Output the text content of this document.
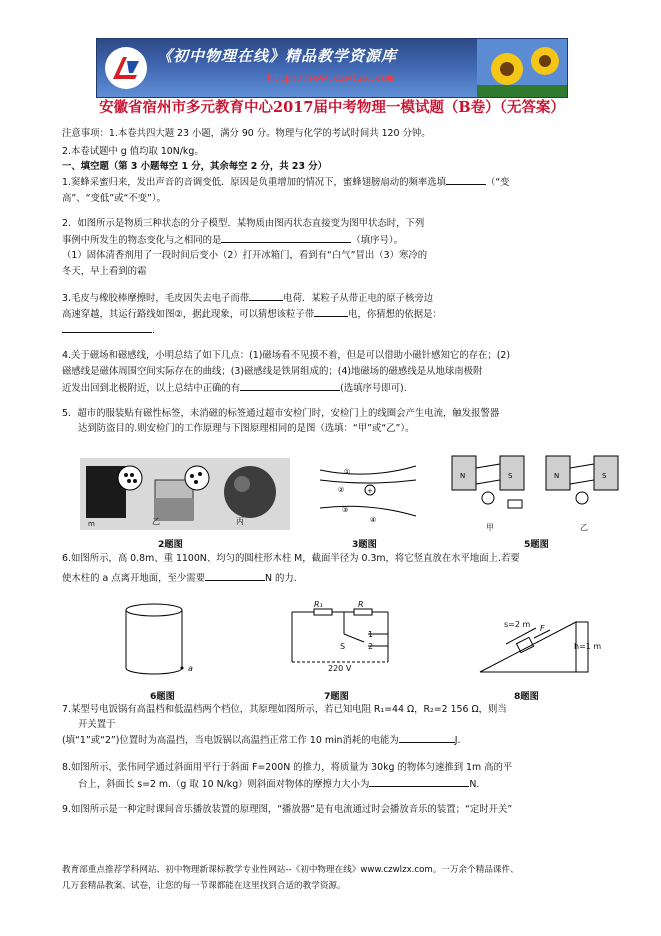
《初中物理在线》精品教学资源库
http://www.czwlzx.com
安徽省宿州市多元教育中心2017届中考物理一模试题（B卷）（无答案）
注意事项：1.本卷共四大题 23 小题，满分 90 分。物理与化学的考试时间共 120 分钟。
2.本卷试题中 g 值均取 10N/kg。
一、填空题（第 3 小题每空 1 分，其余每空 2 分，共 23 分）
1.窦蜂采蜜归来，发出声音的音调变低．原因是负重增加的情况下，蜜蜂翅膀扇动的频率选填	（“变
高”、“变低”或“不变”）。
2．如图所示是物质三种状态的分子模型．某物质由图丙状态直接变为图甲状态时，下列
事例中所发生的物态变化与之相同的是	（填序号）。
（1）固体清香剂用了一段时间后变小（2）打开冰箱门，看到有“白气”冒出（3）寒冷的
冬天，早上看到的霜
3.毛皮与橡胶棒摩擦时，毛皮因失去电子而带	电荷．某粒子从带正电的原子核旁边
高速穿越，其运行路线如图②，据此现象，可以猜想该粒子带	电，你猜想的依据是：
.
4.关于磁场和磁感线，小明总结了如下几点：(1)磁场看不见摸不着，但是可以借助小磁针感知它的存在；(2)
磁感线是磁体周围空间实际存在的曲线；(3)磁感线是铁屑组成的；(4)地磁场的磁感线是从地球南极附
近发出回到北极附近，以上总结中正确的有	(选填序号即可).
5．超市的服装贴有磁性标签，未消磁的标签通过超市安检门时，安检门上的线圈会产生电流，触发报警器
达到防盗目的.则安检门的工作原理与下图原理相同的是图（选填：“甲”或“乙”）。
m	乙	丙
2题图
+
①
②
③
④
3题图
N	S	N	S
甲	乙
5题图
6.如图所示，高 0.8m、重 1100N、均匀的圆柱形木柱 M，截面半径为 0.3m，将它竖直放在水平地面上.若要
使木柱的 a 点离开地面，至少需要	N 的力.
a
6题图
R₁	R
S
1
2
220 V
7题图
s=2 m F
h=1 m
8题图
7.某型号电饭锅有高温档和低温档两个档位，其原理如图所示，若已知电阻 R₁=44 Ω，R₂=2 156 Ω，则当
开关置于
(填“1”或“2”)位置时为高温挡，当电饭锅以高温挡正常工作 10 min消耗的电能为	J.
8.如图所示，张伟同学通过斜面用平行于斜面 F=200N 的推力，将质量为 30kg 的物体匀速推到 1m 高的平
台上，斜面长 s=2 m.（g 取 10 N/kg）则斜面对物体的摩擦力大小为	N.
9.如图所示是一种定时课间音乐播放装置的原理图，“播放器”是有电流通过时会播放音乐的装置；“定时开关”
教育部重点推荐学科网站、初中物理新课标教学专业性网站--《初中物理在线》www.czwlzx.com。一万余个精品课件、
几万套精品教案、试卷，让您的每一节课都能在这里找到合适的教学资源。
